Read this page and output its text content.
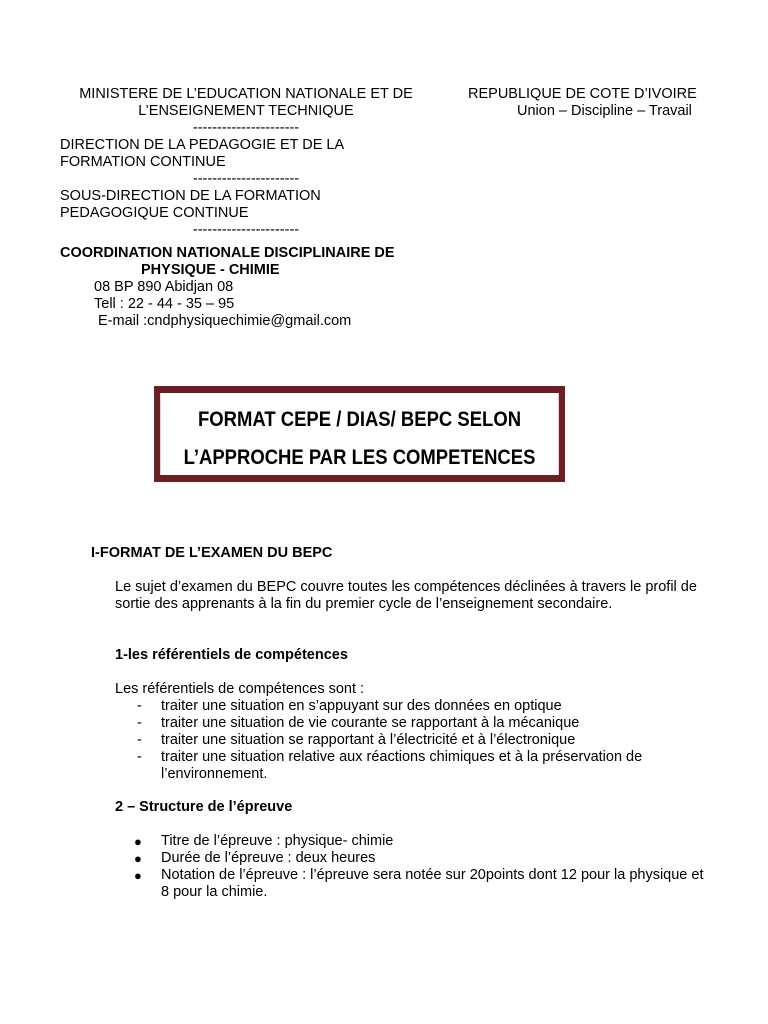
MINISTERE DE L’EDUCATION NATIONALE ET DE
L’ENSEIGNEMENT TECHNIQUE
----------------------
DIRECTION DE LA PEDAGOGIE ET DE LA
FORMATION CONTINUE
----------------------
SOUS-DIRECTION DE LA FORMATION
PEDAGOGIQUE CONTINUE
----------------------
COORDINATION NATIONALE DISCIPLINAIRE DE
PHYSIQUE - CHIMIE
08 BP 890 Abidjan 08
Tell : 22 - 44 - 35 – 95
E-mail :cndphysiquechimie@gmail.com
REPUBLIQUE DE COTE D’IVOIRE
Union – Discipline – Travail
FORMAT CEPE / DIAS/ BEPC SELON
L’APPROCHE PAR LES COMPETENCES
I-FORMAT DE L’EXAMEN DU BEPC
Le sujet d’examen du BEPC couvre toutes les compétences déclinées à travers le profil de sortie des apprenants à la fin du premier cycle de l’enseignement secondaire.
1-les référentiels de compétences
Les référentiels de compétences sont :
- traiter une situation en s’appuyant sur des données en optique
- traiter une situation de vie courante se rapportant à la mécanique
- traiter une situation se rapportant à l’électricité et à l’électronique
- traiter une situation relative aux réactions chimiques et à la préservation de l’environnement.
2 – Structure de l’épreuve
● Titre de l’épreuve : physique- chimie
● Durée de l’épreuve : deux heures
● Notation de l’épreuve : l’épreuve sera notée sur 20points dont 12 pour la physique et 8 pour la chimie.
